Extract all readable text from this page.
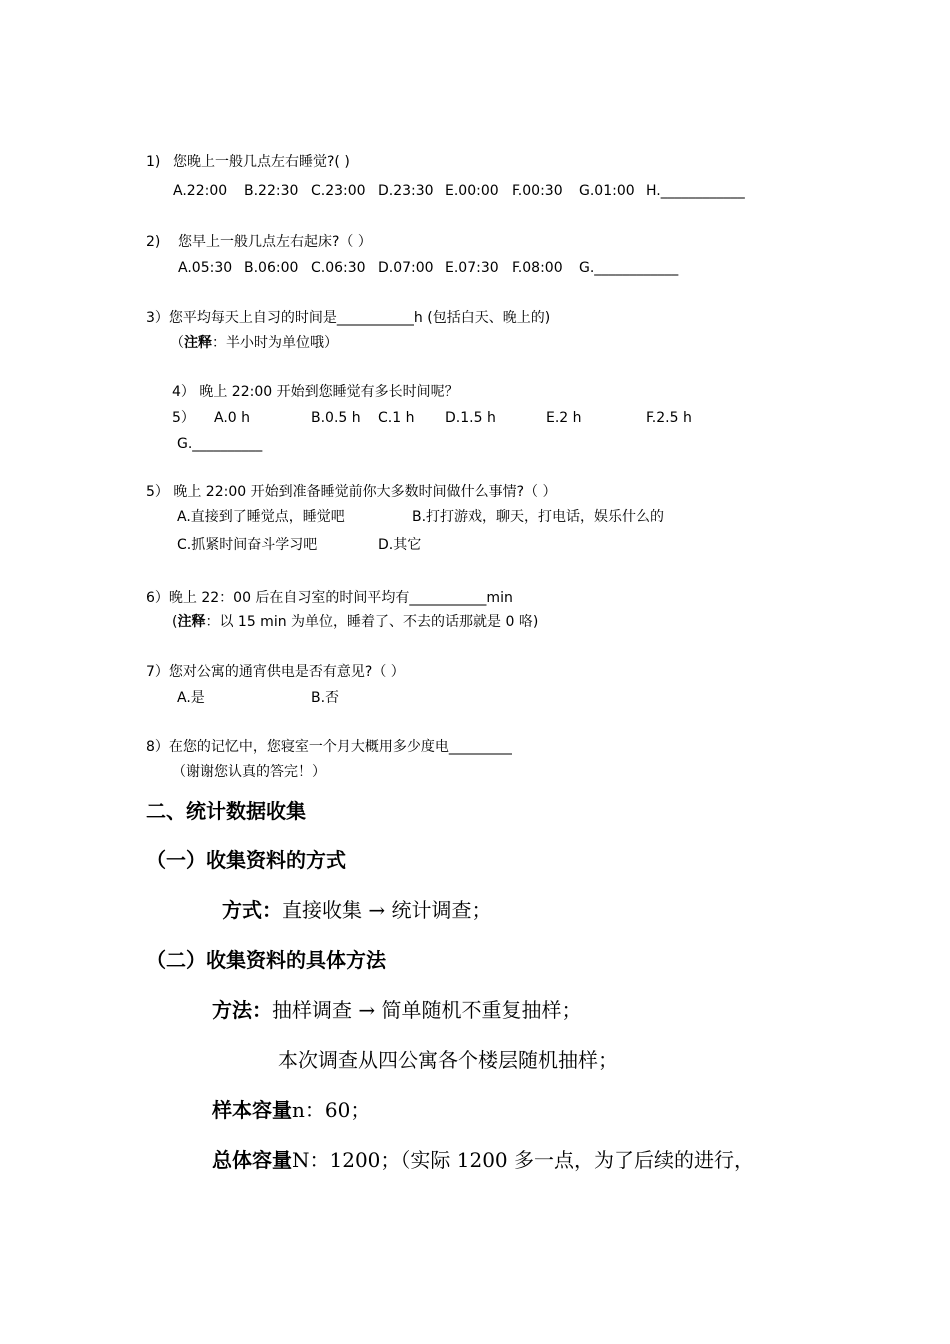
1) 您晚上一般几点左右睡觉?( )
A.22:00 B.22:30 C.23:00 D.23:30 E.00:00 F.00:30 G.01:00 H.____________
2) 您早上一般几点左右起床?（ ）
A.05:30 B.06:00 C.06:30 D.07:00 E.07:30 F.08:00 G.____________
3）您平均每天上自习的时间是___________h (包括白天、晚上的)
（注释：半小时为单位哦）
4） 晚上 22:00 开始到您睡觉有多长时间呢？
5） A.0 h	B.0.5 h C.1 h D.1.5 h	E.2 h	F.2.5 h
G.__________
5） 晚上 22:00 开始到准备睡觉前你大多数时间做什么事情?（ ）
A.直接到了睡觉点，睡觉吧	B.打打游戏，聊天，打电话，娱乐什么的
C.抓紧时间奋斗学习吧	D.其它
6）晚上 22：00 后在自习室的时间平均有___________min
(注释：以 15 min 为单位，睡着了、不去的话那就是 0 咯)
7）您对公寓的通宵供电是否有意见?（ ）
A.是	B.否
8）在您的记忆中，您寝室一个月大概用多少度电_________
（谢谢您认真的答完！）
二、统计数据收集
（一）收集资料的方式
方式：直接收集 → 统计调查；
（二）收集资料的具体方法
方法：抽样调查 → 简单随机不重复抽样；
本次调查从四公寓各个楼层随机抽样；
样本容量n：60；
总体容量N：1200；（实际 1200 多一点，为了后续的进行，
